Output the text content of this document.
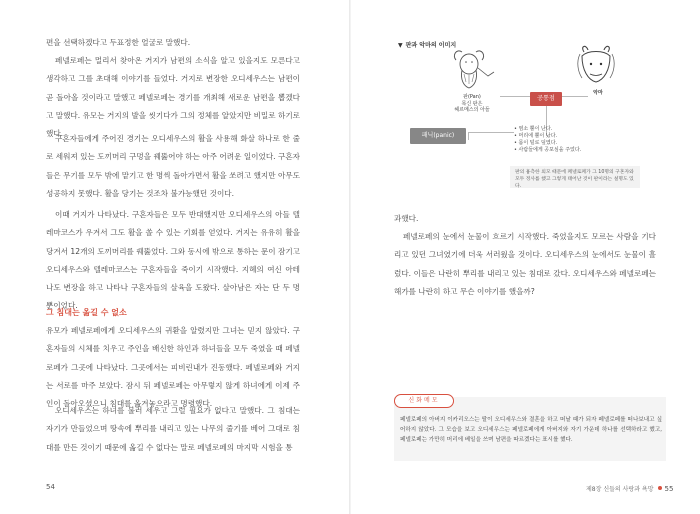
편을 선택하겠다고 두표정한 얼굴로 말했다.

페넬로페는 멀리서 찾아온 거지가 남편의 소식을 알고 있을지도 모른다고 생각하고 그를 초대해 이야기를 들었다. 거지로 변장한 오디세우스는 남편이 곧 돌아올 것이라고 말했고 페넬로페는 경기를 개최해 새로운 남편을 뽑겠다고 말했다. 유모는 거지의 발을 씻기다가 그의 정체를 알았지만 비밀로 하기로 했다.

구혼자들에게 주어진 경기는 오디세우스의 활을 사용해 화살 하나로 한 줄로 세워져 있는 도끼머리 구멍을 꿰뚫어야 하는 아주 어려운 일이었다. 구혼자들은 무기를 모두 밖에 맡기고 한 명씩 돌아가면서 활을 쏘려고 했지만 아무도 성공하지 못했다. 활을 당기는 것조차 불가능했던 것이다.

이때 거지가 나타났다. 구혼자들은 모두 반대했지만 오디세우스의 아들 텔레마코스가 우겨서 그도 활을 쏠 수 있는 기회를 얻었다. 거지는 유유히 활을 당겨서 12개의 도끼머리를 꿰뚫었다. 그와 동시에 밖으로 통하는 문이 잠기고 오디세우스와 텔레마코스는 구혼자들을 죽이기 시작했다. 지혜의 여신 아테나도 변장을 하고 나타나 구혼자들의 살육을 도왔다. 살아남은 자는 단 두 명뿐이었다.

그 침대는 옮길 수 없소

유모가 페넬로페에게 오디세우스의 귀환을 알렸지만 그녀는 믿지 않았다. 구혼자들의 시체를 치우고 주인을 배신한 하인과 하녀들을 모두 죽였을 때 페넬로페가 그곳에 나타났다. 그곳에서는 피비린내가 진동했다. 페넬로페와 거지는 서로를 마주 보았다. 잠시 뒤 페넬로페는 아무렇지 않게 하녀에게 이제 주인이 돌아오셨으니 침대를 옮겨놓으라고 명령했다.

오디세우스는 하녀를 불러 세우고 그럴 필요가 없다고 말했다. 그 침대는 자기가 만들었으며 땅속에 뿌리를 내리고 있는 나무의 줄기를 베어 그대로 침대를 만든 것이기 때문에 옮길 수 없다는 말로 페넬로페의 마지막 시험을 통

54
▼ 판과 악마의 이미지
판(Pan)
목신 판은
헤르메스의 아들
악마
공통점
패닉(panic)
• 염소 뿔이 난다.
• 머리에 뿔이 났다.
• 몸이 털로 덮였다.
• 사람들에게 공포심을 주었다.
판의 흉측한 외모 때문에 페넬로페가 그 10명의 구혼자와 모두 정사를 했고 그렇게 태어난 것이 판이라는 설명도 있다.

과했다.

페넬로페의 눈에서 눈물이 흐르기 시작했다. 죽었을지도 모르는 사람을 기다리고 있던 그녀였기에 더욱 서러웠을 것이다. 오디세우스의 눈에서도 눈물이 흘렀다. 이들은 나란히 뿌리를 내리고 있는 침대로 갔다. 오디세우스와 페넬로페는 해가를 나란히 하고 무슨 이야기를 했을까?

제8장 신들의 사랑과 욕망 55
신화메모
페넬로페의 아버지 이카리오스는 딸이 오디세우스와 결혼을 하고 떠날 때가 되자 페넬로페를 떠나보내고 싶어하지 않았다. 그 모습을 보고 오디세우스는 페넬로페에게 아버지와 자기 가운데 하나를 선택하라고 했고, 페넬로페는 가만히 머리에 베일을 쓰며 남편을 따르겠다는 표시를 했다.
